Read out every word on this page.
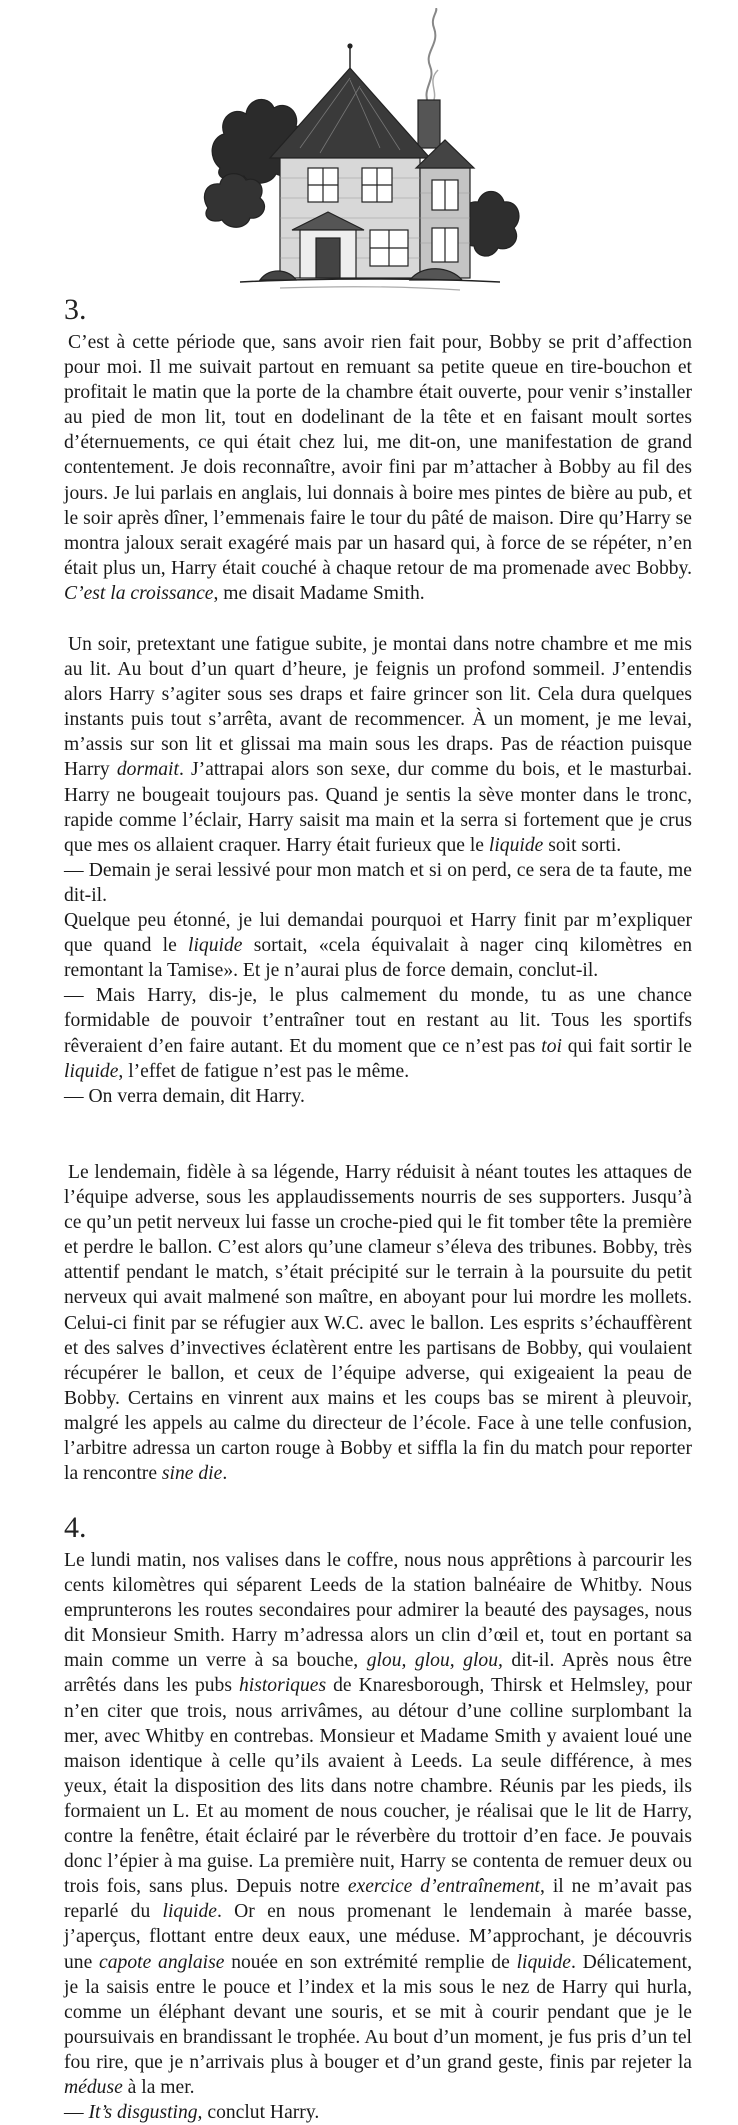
3.

C’est à cette période que, sans avoir rien fait pour, Bobby se prit d’affection pour moi. Il me suivait partout en remuant sa petite queue en tire-bouchon et profitait le matin que la porte de la chambre était ouverte, pour venir s’installer au pied de mon lit, tout en dodelinant de la tête et en faisant moult sortes d’éternuements, ce qui était chez lui, me dit-on, une manifestation de grand contentement. Je dois reconnaître, avoir fini par m’attacher à Bobby au fil des jours. Je lui parlais en anglais, lui donnais à boire mes pintes de bière au pub, et le soir après dîner, l’emmenais faire le tour du pâté de maison. Dire qu’Harry se montra jaloux serait exagéré mais par un hasard qui, à force de se répéter, n’en était plus un, Harry était couché à chaque retour de ma promenade avec Bobby. C’est la croissance, me disait Madame Smith.

Un soir, pretextant une fatigue subite, je montai dans notre chambre et me mis au lit. Au bout d’un quart d’heure, je feignis un profond sommeil. J’entendis alors Harry s’agiter sous ses draps et faire grincer son lit. Cela dura quelques instants puis tout s’arrêta, avant de recommencer. À un moment, je me levai, m’assis sur son lit et glissai ma main sous les draps. Pas de réaction puisque Harry dormait. J’attrapai alors son sexe, dur comme du bois, et le masturbai. Harry ne bougeait toujours pas. Quand je sentis la sève monter dans le tronc, rapide comme l’éclair, Harry saisit ma main et la serra si fortement que je crus que mes os allaient craquer. Harry était furieux que le liquide soit sorti.

— Demain je serai lessivé pour mon match et si on perd, ce sera de ta faute, me dit-il.

Quelque peu étonné, je lui demandai pourquoi et Harry finit par m’expliquer que quand le liquide sortait, «cela équivalait à nager cinq kilomètres en remontant la Tamise». Et je n’aurai plus de force demain, conclut-il.

— Mais Harry, dis-je, le plus calmement du monde, tu as une chance formidable de pouvoir t’entraîner tout en restant au lit. Tous les sportifs rêveraient d’en faire autant. Et du moment que ce n’est pas toi qui fait sortir le liquide, l’effet de fatigue n’est pas le même.

— On verra demain, dit Harry.

Le lendemain, fidèle à sa légende, Harry réduisit à néant toutes les attaques de l’équipe adverse, sous les applaudissements nourris de ses supporters. Jusqu’à ce qu’un petit nerveux lui fasse un croche-pied qui le fit tomber tête la première et perdre le ballon. C’est alors qu’une clameur s’éleva des tribunes. Bobby, très attentif pendant le match, s’était précipité sur le terrain à la poursuite du petit nerveux qui avait malmené son maître, en aboyant pour lui mordre les mollets. Celui-ci finit par se réfugier aux W.C. avec le ballon. Les esprits s’échauffèrent et des salves d’invectives éclatèrent entre les partisans de Bobby, qui voulaient récupérer le ballon, et ceux de l’équipe adverse, qui exigeaient la peau de Bobby. Certains en vinrent aux mains et les coups bas se mirent à pleuvoir, malgré les appels au calme du directeur de l’école. Face à une telle confusion, l’arbitre adressa un carton rouge à Bobby et siffla la fin du match pour reporter la rencontre sine die.

4.

Le lundi matin, nos valises dans le coffre, nous nous apprêtions à parcourir les cents kilomètres qui séparent Leeds de la station balnéaire de Whitby. Nous emprunterons les routes secondaires pour admirer la beauté des paysages, nous dit Monsieur Smith. Harry m’adressa alors un clin d’œil et, tout en portant sa main comme un verre à sa bouche, glou, glou, glou, dit-il. Après nous être arrêtés dans les pubs historiques de Knaresborough, Thirsk et Helmsley, pour n’en citer que trois, nous arrivâmes, au détour d’une colline surplombant la mer, avec Whitby en contrebas. Monsieur et Madame Smith y avaient loué une maison identique à celle qu’ils avaient à Leeds. La seule différence, à mes yeux, était la disposition des lits dans notre chambre. Réunis par les pieds, ils formaient un L. Et au moment de nous coucher, je réalisai que le lit de Harry, contre la fenêtre, était éclairé par le réverbère du trottoir d’en face. Je pouvais donc l’épier à ma guise. La première nuit, Harry se contenta de remuer deux ou trois fois, sans plus. Depuis notre exercice d’entraînement, il ne m’avait pas reparlé du liquide. Or en nous promenant le lendemain à marée basse, j’aperçus, flottant entre deux eaux, une méduse. M’approchant, je découvris une capote anglaise nouée en son extrémité remplie de liquide. Délicatement, je la saisis entre le pouce et l’index et la mis sous le nez de Harry qui hurla, comme un éléphant devant une souris, et se mit à courir pendant que je le poursuivais en brandissant le trophée. Au bout d’un moment, je fus pris d’un tel fou rire, que je n’arrivais plus à bouger et d’un grand geste, finis par rejeter la méduse à la mer.

— It’s disgusting, conclut Harry.
